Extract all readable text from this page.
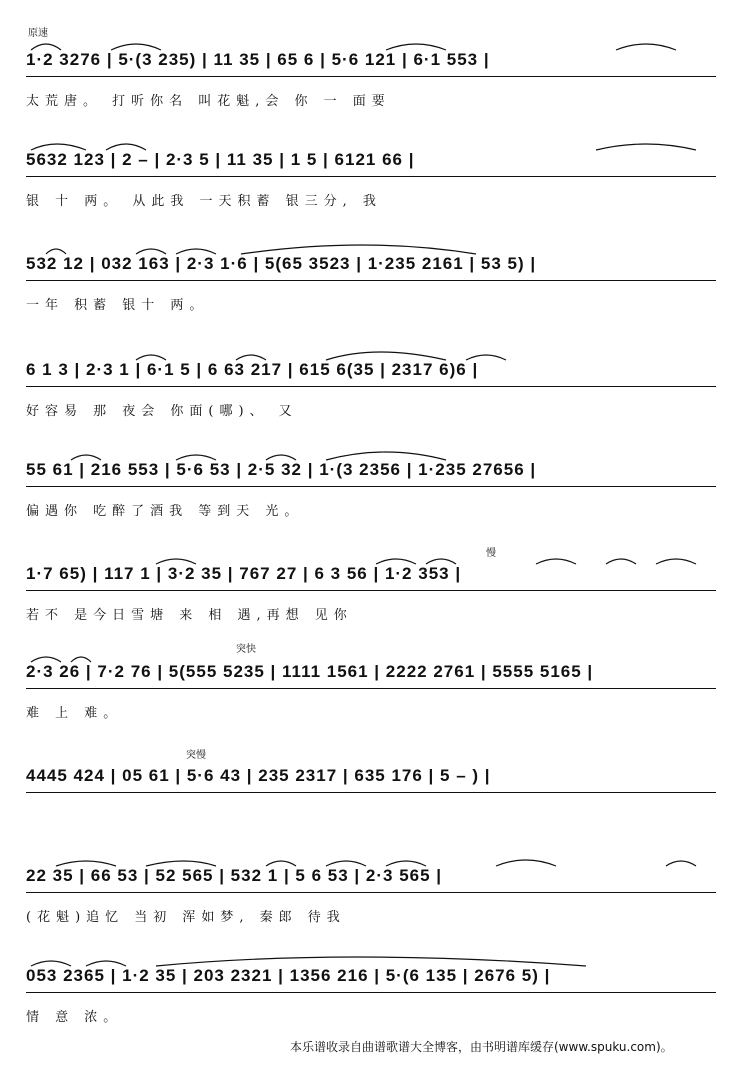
原速
慢
突快
突慢
1·2 3276 | 5·(3 235) | 11 35 | 65 6 | 5·6 121 | 6·1 553 |
太荒唐。 打听你名 叫花魁,会 你 一 面要
5632 123 | 2 – | 2·3 5 | 11 35 | 1 5 | 6121 66 |
银 十 两。 从此我 一天积蓄 银三分, 我
532 12 | 032 163 | 2·3 1·6 | 5(65 3523 | 1·235 2161 | 53 5) |
一年 积蓄 银十 两。
6 1 3 | 2·3 1 | 6·1 5 | 6 63 217 | 615 6(35 | 2317 6)6 |
好容易 那 夜会 你面(哪)、 又
55 61 | 216 553 | 5·6 53 | 2·5 32 | 1·(3 2356 | 1·235 27656 |
偏遇你 吃醉了酒我 等到天 光。
1·7 65) | 117 1 | 3·2 35 | 767 27 | 6 3 56 | 1·2 353 |
若不 是今日雪塘 来 相 遇,再想 见你
2·3 26 | 7·2 76 | 5(555 5235 | 1111 1561 | 2222 2761 | 5555 5165 |
难 上 难。
4445 424 | 05 61 | 5·6 43 | 235 2317 | 635 176 | 5 – ) |
22 35 | 66 53 | 52 565 | 532 1 | 5 6 53 | 2·3 565 |
(花魁)追忆 当初 浑如梦, 秦郎 待我
053 2365 | 1·2 35 | 203 2321 | 1356 216 | 5·(6 135 | 2676 5) |
情 意 浓。
本乐谱收录自曲谱歌谱大全博客，由书明谱库缓存(www.spuku.com)。
